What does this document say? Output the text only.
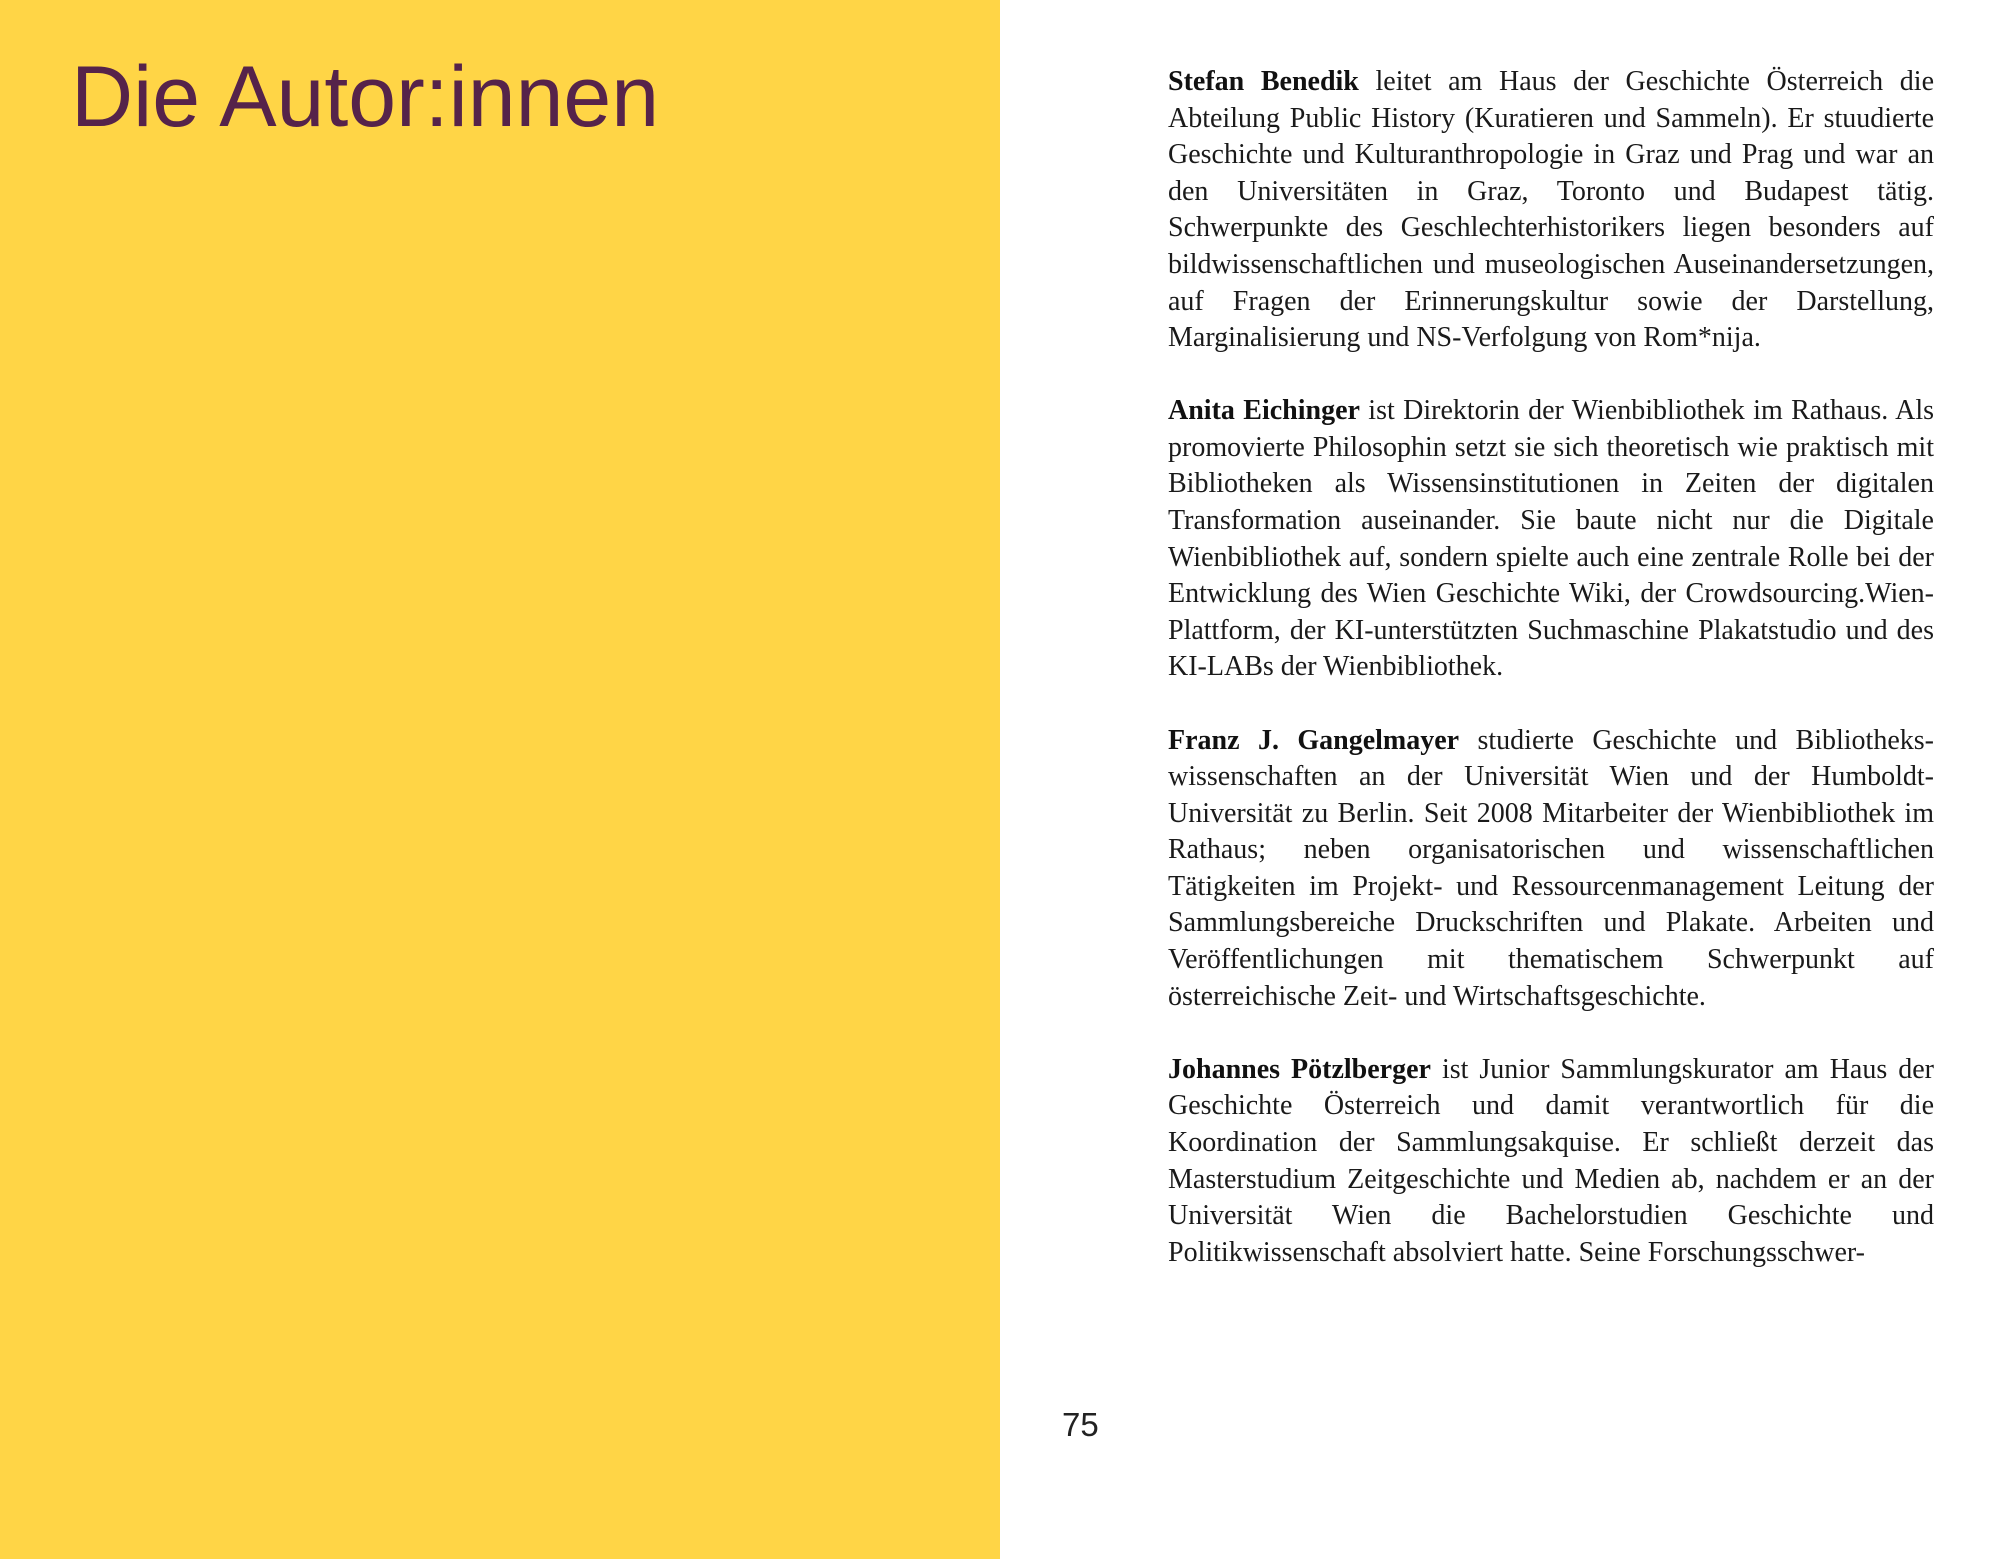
Die Autor:innen	Stefan Benedik leitet am Haus der Geschichte Österreich die Abteilung Public History (Kuratieren und Sammeln). Er stuudierte Geschichte und Kulturanthropologie in Graz und Prag und war an den Universitäten in Graz, Toronto und Budapest tätig. Schwerpunkte des Geschlechterhistorikers liegen besonders auf bildwissenschaftlichen und museologischen Auseinandersetzungen, auf Fragen der Erinnerungskultur sowie der Darstellung, Marginalisierung und NS-Verfolgung von Rom*nija.

Anita Eichinger ist Direktorin der Wienbibliothek im Rathaus. Als promovierte Philosophin setzt sie sich theoretisch wie praktisch mit Bibliotheken als Wissensinstitutionen in Zeiten der digitalen Transformation auseinander. Sie baute nicht nur die Digitale Wienbibliothek auf, sondern spielte auch eine zentrale Rolle bei der Entwicklung des Wien Geschichte Wiki, der Crowdsourcing.Wien-Plattform, der KI-unterstützten Suchmaschine Plakatstudio und des KI-LABs der Wienbibliothek.

Franz J. Gangelmayer studierte Geschichte und Bibliothekswissenschaften an der Universität Wien und der Humboldt-Universität zu Berlin. Seit 2008 Mitarbeiter der Wienbibliothek im Rathaus; neben organisatorischen und wissenschaftlichen Tätigkeiten im Projekt- und Ressourcenmanagement Leitung der Sammlungsbereiche Druckschriften und Plakate. Arbeiten und Veröffentlichungen mit thematischem Schwerpunkt auf österreichische Zeit- und Wirtschaftsgeschichte.

Johannes Pötzlberger ist Junior Sammlungskurator am Haus der Geschichte Österreich und damit verantwortlich für die Koordination der Sammlungsakquise. Er schließt derzeit das Masterstudium Zeitgeschichte und Medien ab, nachdem er an der Universität Wien die Bachelorstudien Geschichte und Politikwissenschaft absolviert hatte. Seine Forschungsschwer-

75
